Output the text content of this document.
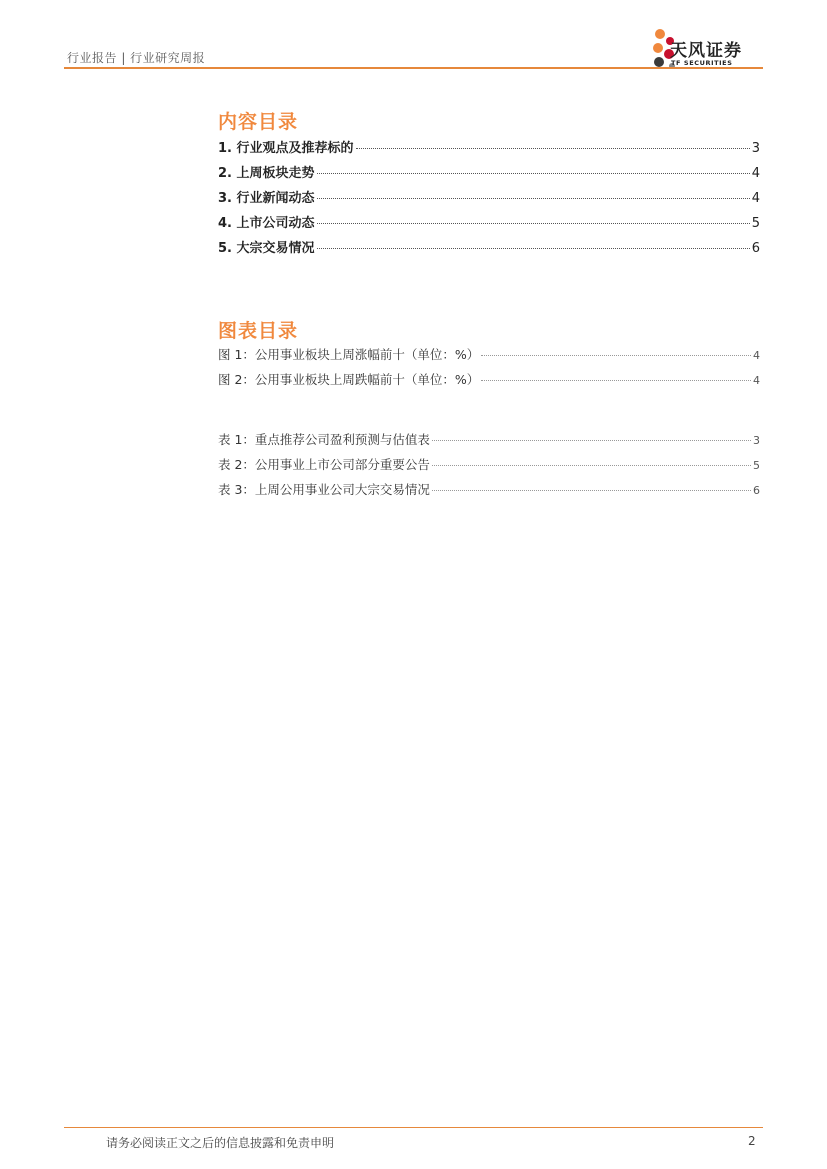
行业报告 | 行业研究周报	天风证券
TF SECURITIES
内容目录
1. 行业观点及推荐标的	3
2. 上周板块走势	4
3. 行业新闻动态	4
4. 上市公司动态	5
5. 大宗交易情况	6
图表目录
图 1：公用事业板块上周涨幅前十（单位：%）	4
图 2：公用事业板块上周跌幅前十（单位：%）	4
表 1：重点推荐公司盈利预测与估值表	3
表 2：公用事业上市公司部分重要公告	5
表 3：上周公用事业公司大宗交易情况	6
请务必阅读正文之后的信息披露和免责申明	2
